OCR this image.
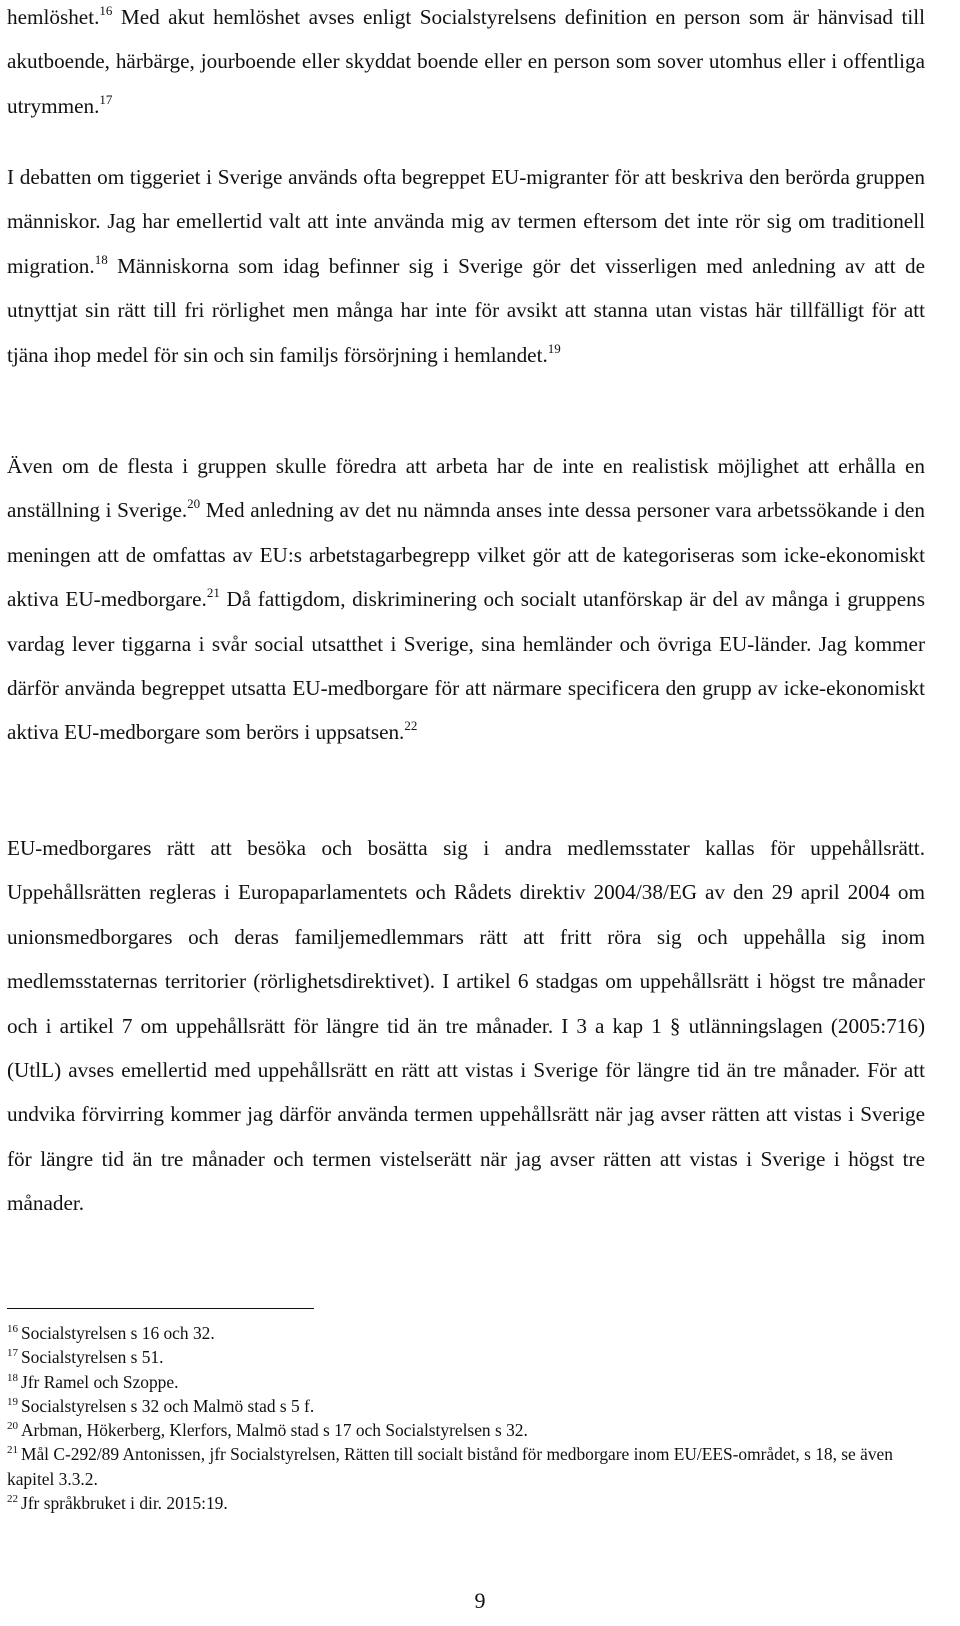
hemlöshet.$^{16}$ Med akut hemlöshet avses enligt Socialstyrelsens definition en person som är hänvisad till akutboende, härbärge, jourboende eller skyddat boende eller en person som sover utomhus eller i offentliga utrymmen.$^{17}$

I debatten om tiggeriet i Sverige används ofta begreppet EU-migranter för att beskriva den berörda gruppen människor. Jag har emellertid valt att inte använda mig av termen eftersom det inte rör sig om traditionell migration.$^{18}$ Människorna som idag befinner sig i Sverige gör det visserligen med anledning av att de utnyttjat sin rätt till fri rörlighet men många har inte för avsikt att stanna utan vistas här tillfälligt för att tjäna ihop medel för sin och sin familjs försörjning i hemlandet.$^{19}$

Även om de flesta i gruppen skulle föredra att arbeta har de inte en realistisk möjlighet att erhålla en anställning i Sverige.$^{20}$ Med anledning av det nu nämnda anses inte dessa personer vara arbetssökande i den meningen att de omfattas av EU:s arbetstagarbegrepp vilket gör att de kategoriseras som icke-ekonomiskt aktiva EU-medborgare.$^{21}$ Då fattigdom, diskriminering och socialt utanförskap är del av många i gruppens vardag lever tiggarna i svår social utsatthet i Sverige, sina hemländer och övriga EU-länder. Jag kommer därför använda begreppet utsatta EU-medborgare för att närmare specificera den grupp av icke-ekonomiskt aktiva EU-medborgare som berörs i uppsatsen.$^{22}$

EU-medborgares rätt att besöka och bosätta sig i andra medlemsstater kallas för uppehållsrätt. Uppehållsrätten regleras i Europaparlamentets och Rådets direktiv 2004/38/EG av den 29 april 2004 om unionsmedborgares och deras familjemedlemmars rätt att fritt röra sig och uppehålla sig inom medlemsstaternas territorier (rörlighetsdirektivet). I artikel 6 stadgas om uppehållsrätt i högst tre månader och i artikel 7 om uppehållsrätt för längre tid än tre månader. I 3 a kap 1 § utlänningslagen (2005:716) (UtlL) avses emellertid med uppehållsrätt en rätt att vistas i Sverige för längre tid än tre månader. För att undvika förvirring kommer jag därför använda termen uppehållsrätt när jag avser rätten att vistas i Sverige för längre tid än tre månader och termen vistelserätt när jag avser rätten att vistas i Sverige i högst tre månader.

$^{16}$ Socialstyrelsen s 16 och 32.
$^{17}$ Socialstyrelsen s 51.
$^{18}$ Jfr Ramel och Szoppe.
$^{19}$ Socialstyrelsen s 32 och Malmö stad s 5 f.
$^{20}$ Arbman, Hökerberg, Klerfors, Malmö stad s 17 och Socialstyrelsen s 32.
$^{21}$ Mål C-292/89 Antonissen, jfr Socialstyrelsen, Rätten till socialt bistånd för medborgare inom EU/EES-området, s 18, se även kapitel 3.3.2.
$^{22}$ Jfr språkbruket i dir. 2015:19.
9
